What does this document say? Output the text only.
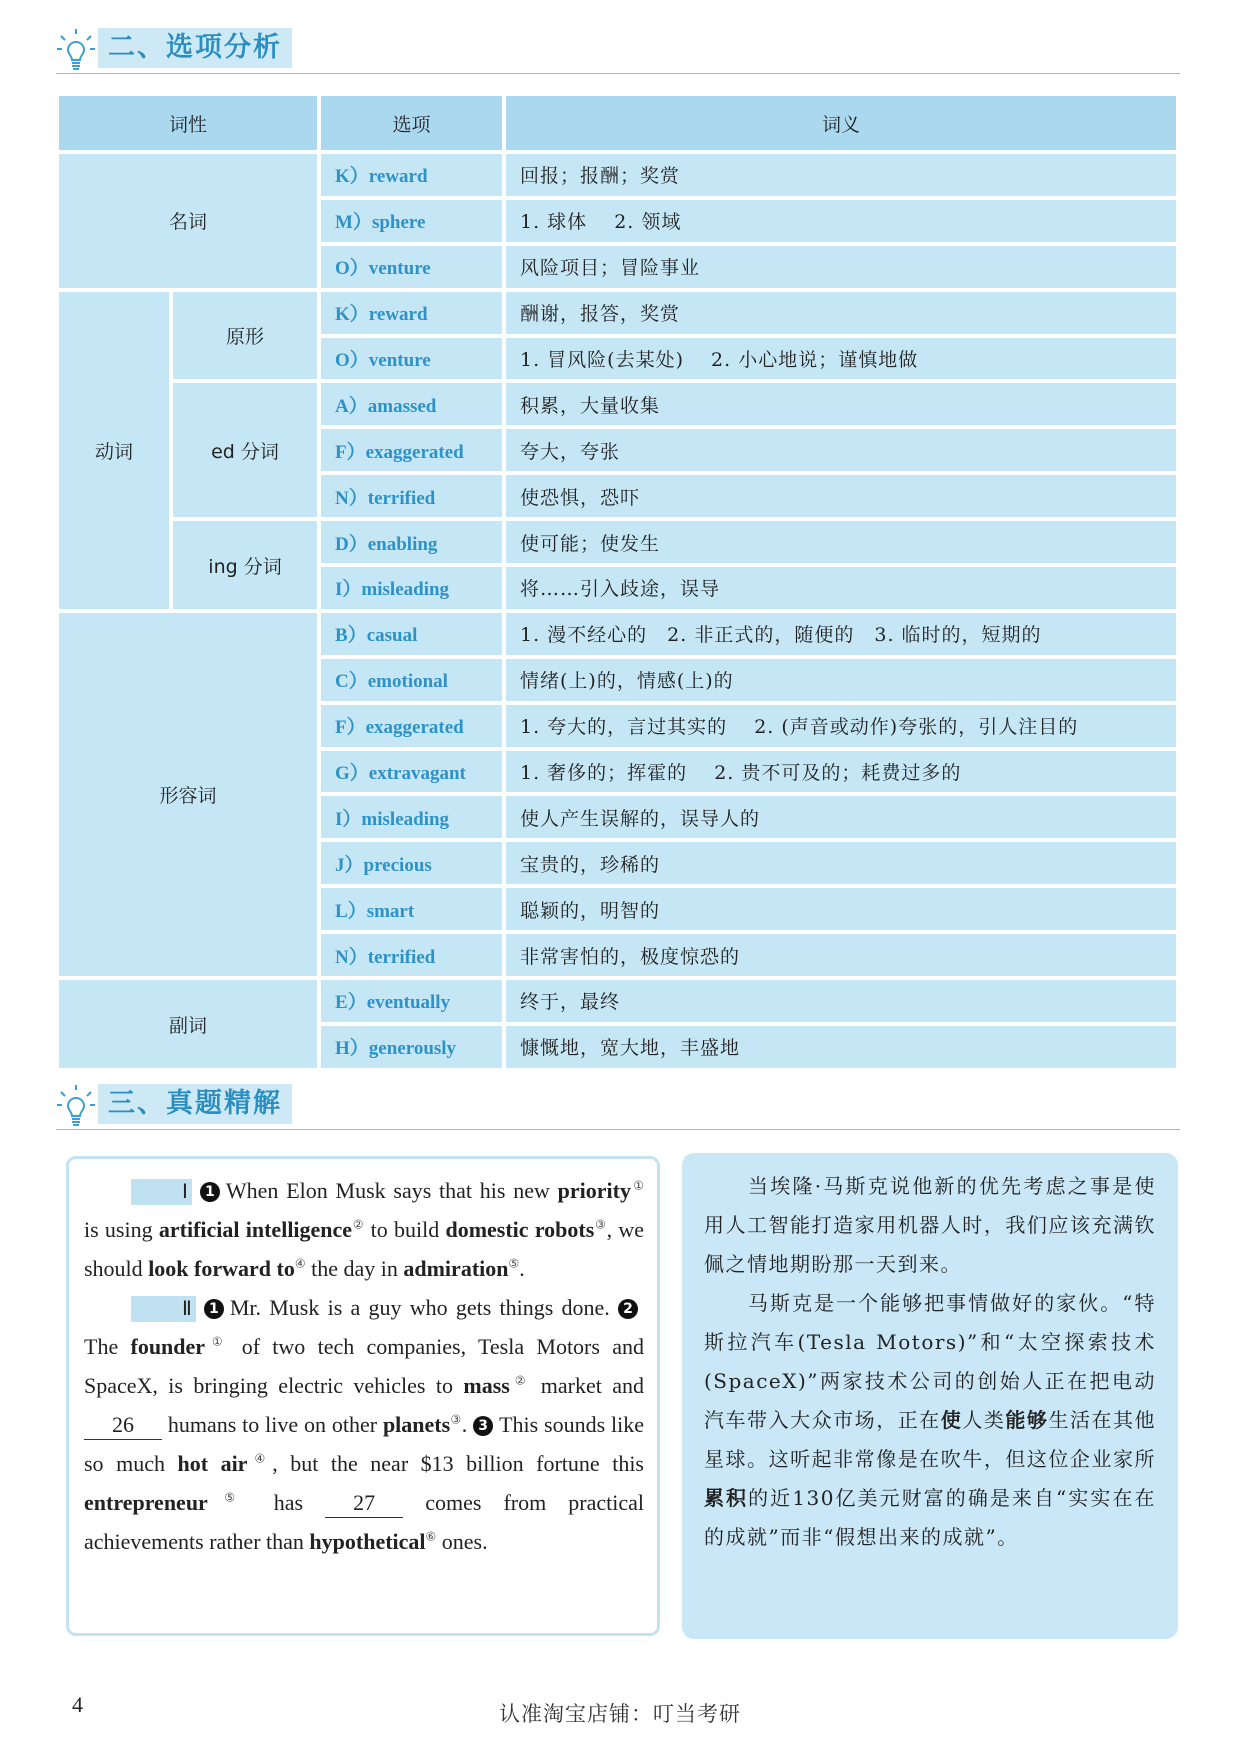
二、选项分析
词性		选项	词义
名词		K）reward	回报；报酬；奖赏
		M）sphere	1. 球体　 2. 领域
		O）venture	风险项目；冒险事业
动词	原形	K）reward	酬谢，报答，奖赏
		O）venture	1. 冒风险(去某处)　 2. 小心地说；谨慎地做
	ed 分词	A）amassed	积累，大量收集
		F）exaggerated	夸大，夸张
		N）terrified	使恐惧，恐吓
	ing 分词	D）enabling	使可能；使发生
		I）misleading	将……引入歧途，误导
形容词		B）casual	1. 漫不经心的　2. 非正式的，随便的　3. 临时的，短期的
		C）emotional	情绪(上)的，情感(上)的
		F）exaggerated	1. 夸大的，言过其实的　 2. (声音或动作)夸张的，引人注目的
		G）extravagant	1. 奢侈的；挥霍的　 2. 贵不可及的；耗费过多的
		I）misleading	使人产生误解的，误导人的
		J）precious	宝贵的，珍稀的
		L）smart	聪颖的，明智的
		N）terrified	非常害怕的，极度惊恐的
副词		E）eventually	终于，最终
		H）generously	慷慨地，宽大地，丰盛地
三、真题精解

Ⅰ 1 When Elon Musk says that his new priority① is using artificial intelligence② to build domestic robots③, we should look forward to④ the day in admiration⑤.

Ⅱ 1 Mr. Musk is a guy who gets things done. 2The founder① of two tech companies, Tesla Motors and SpaceX, is bringing electric vehicles to mass② market and 26 humans to live on other planets③. 3 This sounds like so much hot air④, but the near $13 billion fortune this entrepreneur⑤ has 27 comes from practical achievements rather than hypothetical⑥ ones.

当埃隆·马斯克说他新的优先考虑之事是使用人工智能打造家用机器人时，我们应该充满钦佩之情地期盼那一天到来。

马斯克是一个能够把事情做好的家伙。“特斯拉汽车(Tesla Motors)”和“太空探索技术(SpaceX)”两家技术公司的创始人正在把电动汽车带入大众市场，正在使人类能够生活在其他星球。这听起非常像是在吹牛，但这位企业家所累积的近130亿美元财富的确是来自“实实在在的成就”而非“假想出来的成就”。

4	认准淘宝店铺：叮当考研
